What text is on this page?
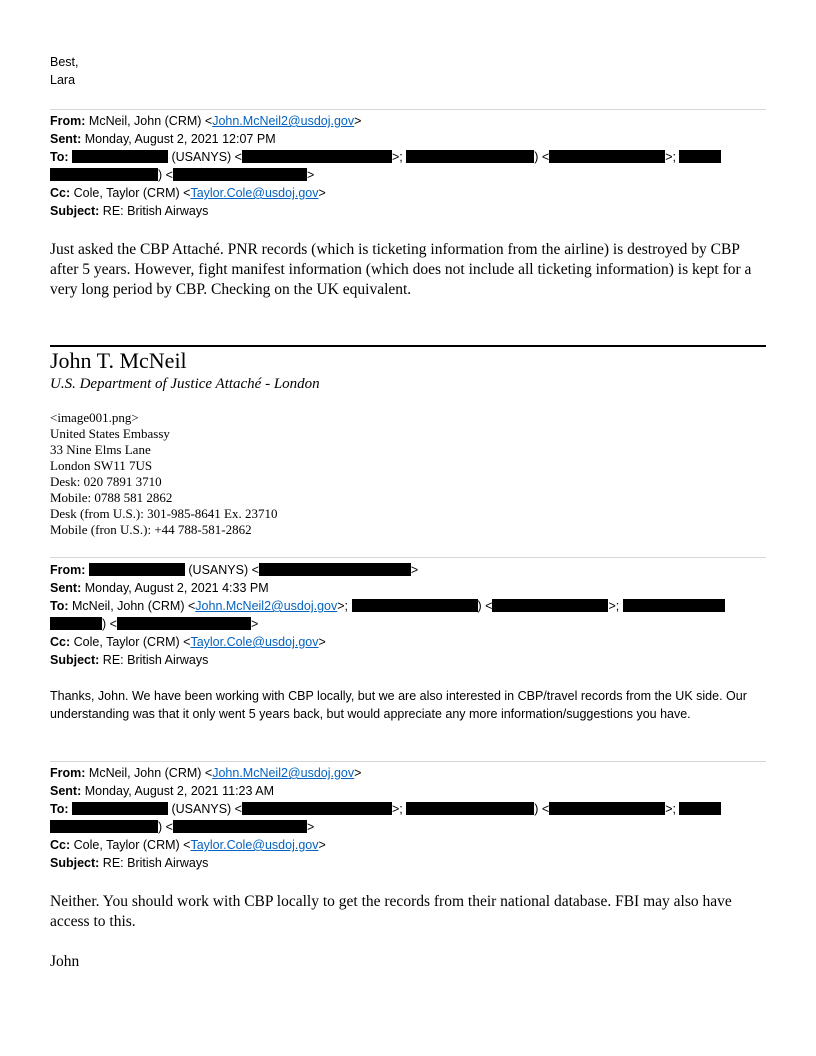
Best,
Lara
From: McNeil, John (CRM) <John.McNeil2@usdoj.gov>
Sent: Monday, August 2, 2021 12:07 PM
To:	(USANYS) <	>;	) <	>;
) <	>
Cc: Cole, Taylor (CRM) <Taylor.Cole@usdoj.gov>
Subject: RE: British Airways
Just asked the CBP Attaché. PNR records (which is ticketing information from the airline) is destroyed by CBP after 5 years. However, fight manifest information (which does not include all ticketing information) is kept for a very long period by CBP. Checking on the UK equivalent.
John T. McNeil
U.S. Department of Justice Attaché - London
<image001.png>
United States Embassy
33 Nine Elms Lane
London SW11 7US
Desk: 020 7891 3710
Mobile: 0788 581 2862
Desk (from U.S.): 301-985-8641 Ex. 23710
Mobile (fron U.S.): +44 788-581-2862
From:	(USANYS) <	>
Sent: Monday, August 2, 2021 4:33 PM
To: McNeil, John (CRM) <John.McNeil2@usdoj.gov>;	) <	>;
) <	>
Cc: Cole, Taylor (CRM) <Taylor.Cole@usdoj.gov>
Subject: RE: British Airways
Thanks, John. We have been working with CBP locally, but we are also interested in CBP/travel records from the UK side. Our understanding was that it only went 5 years back, but would appreciate any more information/suggestions you have.
From: McNeil, John (CRM) <John.McNeil2@usdoj.gov>
Sent: Monday, August 2, 2021 11:23 AM
To:	(USANYS) <	>;	) <	>;
) <	>
Cc: Cole, Taylor (CRM) <Taylor.Cole@usdoj.gov>
Subject: RE: British Airways
Neither. You should work with CBP locally to get the records from their national database. FBI may also have access to this.
John
